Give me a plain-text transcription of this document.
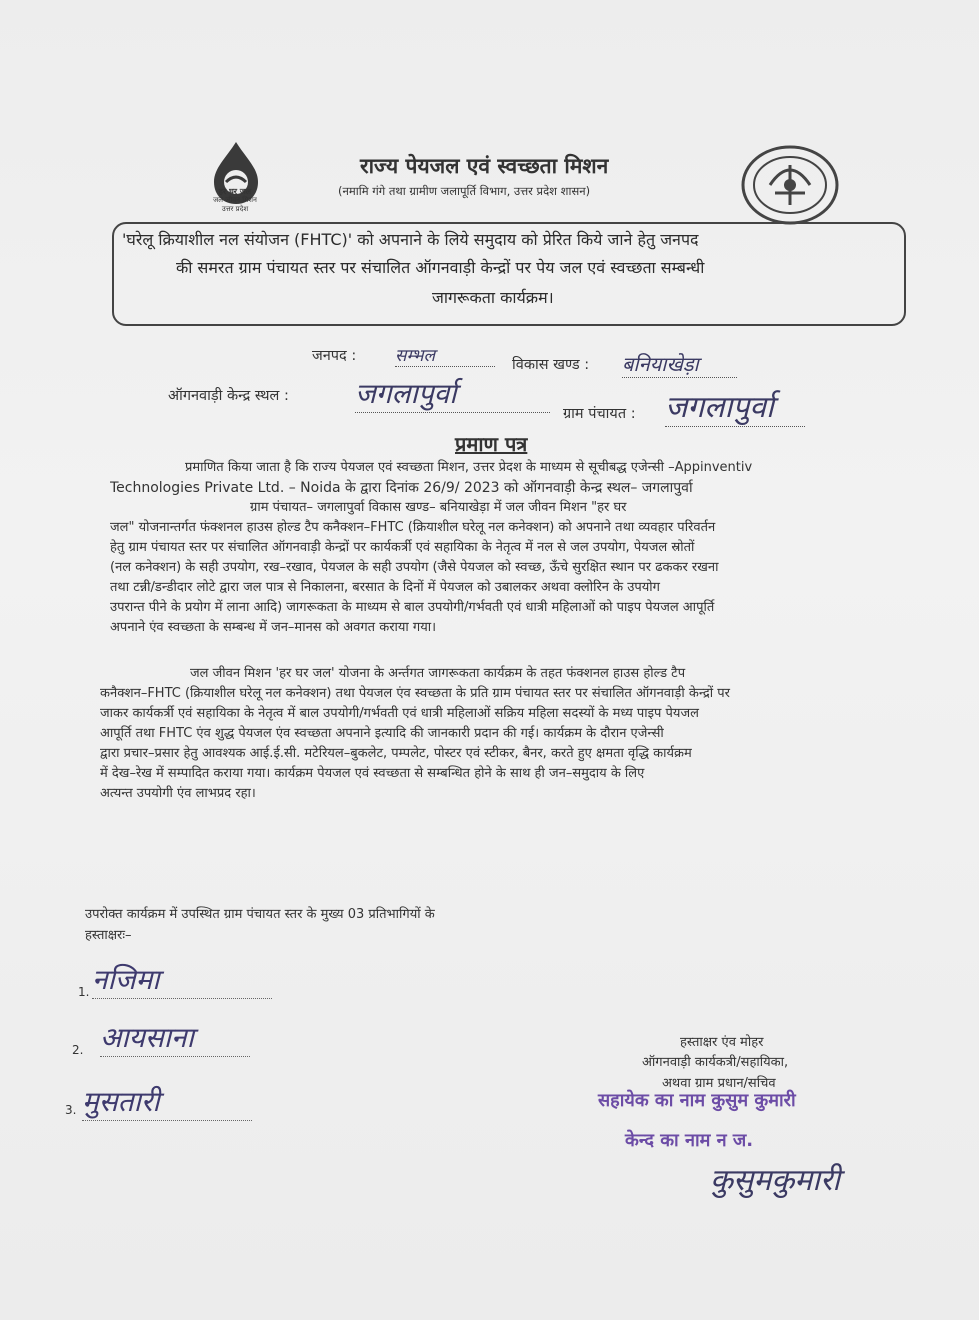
हर घर जल
जल जीवन मिशन
उत्तर प्रदेश
राज्य पेयजल एवं स्वच्छता मिशन
(नमामि गंगे तथा ग्रामीण जलापूर्ति विभाग, उत्तर प्रदेश शासन)
'घरेलू क्रियाशील नल संयोजन (FHTC)' को अपनाने के लिये समुदाय को प्रेरित किये जाने हेतु जनपद
की समरत ग्राम पंचायत स्तर पर संचालित ऑगनवाड़ी केन्द्रों पर पेय जल एवं स्वच्छता सम्बन्धी
जागरूकता कार्यक्रम।
जनपद : सम्भल	विकास खण्ड : बनियाखेड़ा
ऑगनवाड़ी केन्द्र स्थल : जगलापुर्वा
ग्राम पंचायत : जगलापुर्वा
प्रमाण पत्र
प्रमाणित किया जाता है कि राज्य पेयजल एवं स्वच्छता मिशन, उत्तर प्रेदश के माध्यम से सूचीबद्ध एजेन्सी –Appinventiv
Technologies Private Ltd. – Noida के द्वारा दिनांक 26/9/ 2023 को ऑगनवाड़ी केन्द्र स्थल– जगलापुर्वा
ग्राम पंचायत– जगलापुर्वा विकास खण्ड– बनियाखेड़ा में जल जीवन मिशन "हर घर
जल" योजनान्तर्गत फंक्शनल हाउस होल्ड टैप कनैक्शन–FHTC (क्रियाशील घरेलू नल कनेक्शन) को अपनाने तथा व्यवहार परिवर्तन
हेतु ग्राम पंचायत स्तर पर संचालित ऑगनवाड़ी केन्द्रों पर कार्यकर्त्री एवं सहायिका के नेतृत्व में नल से जल उपयोग, पेयजल स्रोतों
(नल कनेक्शन) के सही उपयोग, रख–रखाव, पेयजल के सही उपयोग (जैसे पेयजल को स्वच्छ, ऊँचे सुरक्षित स्थान पर ढककर रखना
तथा टन्नी/डन्डीदार लोटे द्वारा जल पात्र से निकालना, बरसात के दिनों में पेयजल को उबालकर अथवा क्लोरिन के उपयोग
उपरान्त पीने के प्रयोग में लाना आदि) जागरूकता के माध्यम से बाल उपयोगी/गर्भवती एवं धात्री महिलाओं को पाइप पेयजल आपूर्ति
अपनाने एंव स्वच्छता के सम्बन्ध में जन–मानस को अवगत कराया गया।
जल जीवन मिशन 'हर घर जल' योजना के अर्न्तगत जागरूकता कार्यक्रम के तहत फंक्शनल हाउस होल्ड टैप
कनैक्शन–FHTC (क्रियाशील घरेलू नल कनेक्शन) तथा पेयजल एंव स्वच्छता के प्रति ग्राम पंचायत स्तर पर संचालित ऑगनवाड़ी केन्द्रों पर
जाकर कार्यकर्त्री एवं सहायिका के नेतृत्व में बाल उपयोगी/गर्भवती एवं धात्री महिलाओं सक्रिय महिला सदस्यों के मध्य पाइप पेयजल
आपूर्ति तथा FHTC एंव शुद्ध पेयजल एंव स्वच्छता अपनाने इत्यादि की जानकारी प्रदान की गई। कार्यक्रम के दौरान एजेन्सी
द्वारा प्रचार–प्रसार हेतु आवश्यक आई.ई.सी. मटेरियल–बुकलेट, पम्पलेट, पोस्टर एवं स्टीकर, बैनर, करते हुए क्षमता वृद्धि कार्यक्रम
में देख–रेख में सम्पादित कराया गया। कार्यक्रम पेयजल एवं स्वच्छता से सम्बन्धित होने के साथ ही जन–समुदाय के लिए
अत्यन्त उपयोगी एंव लाभप्रद रहा।
उपरोक्त कार्यक्रम में उपस्थित ग्राम पंचायत स्तर के मुख्य 03 प्रतिभागियों के
हस्ताक्षरः–
1. नजिमा
2. आयसाना
3. मुसतारी
हस्ताक्षर एंव मोहर
ऑगनवाड़ी कार्यकत्री/सहायिका,
अथवा ग्राम प्रधान/सचिव
सहायेक का नाम कुसुम कुमारी
केन्द का नाम न ज.
कुसुमकुमारी
